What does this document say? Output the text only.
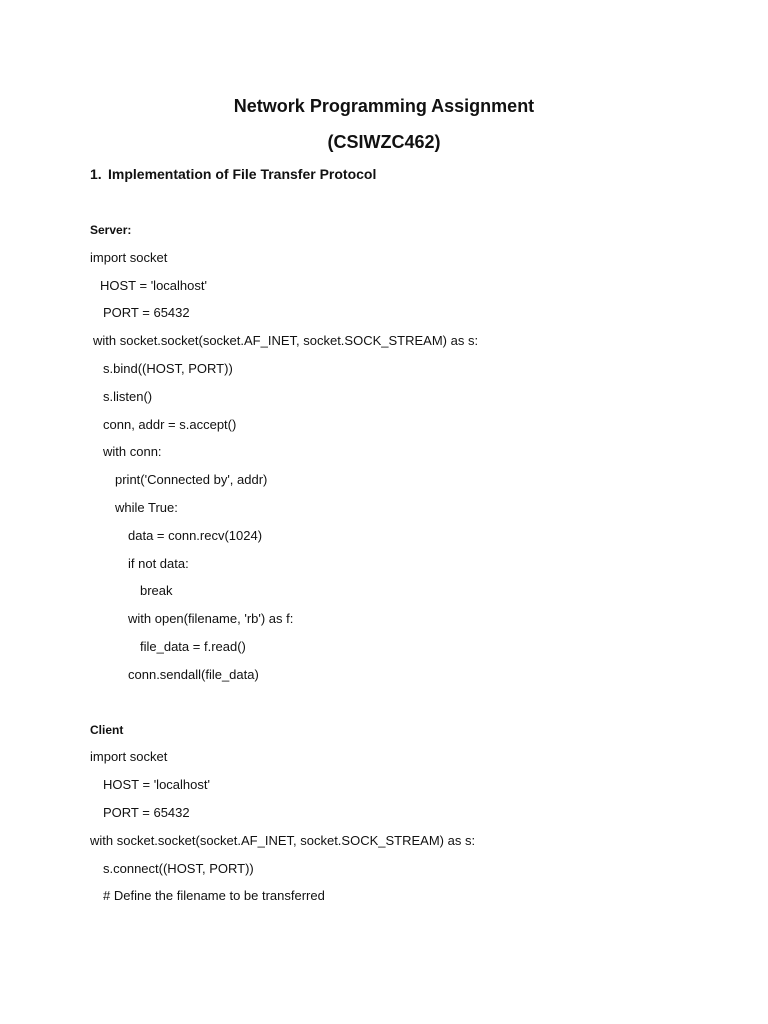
Network Programming Assignment
(CSIWZC462)
1. Implementation of File Transfer Protocol
Server:
import socket
HOST = 'localhost'
PORT = 65432
with socket.socket(socket.AF_INET, socket.SOCK_STREAM) as s:
s.bind((HOST, PORT))
s.listen()
conn, addr = s.accept()
with conn:
print('Connected by', addr)
while True:
data = conn.recv(1024)
if not data:
break
with open(filename, 'rb') as f:
file_data = f.read()
conn.sendall(file_data)
Client
import socket
HOST = 'localhost'
PORT = 65432
with socket.socket(socket.AF_INET, socket.SOCK_STREAM) as s:
s.connect((HOST, PORT))
# Define the filename to be transferred
